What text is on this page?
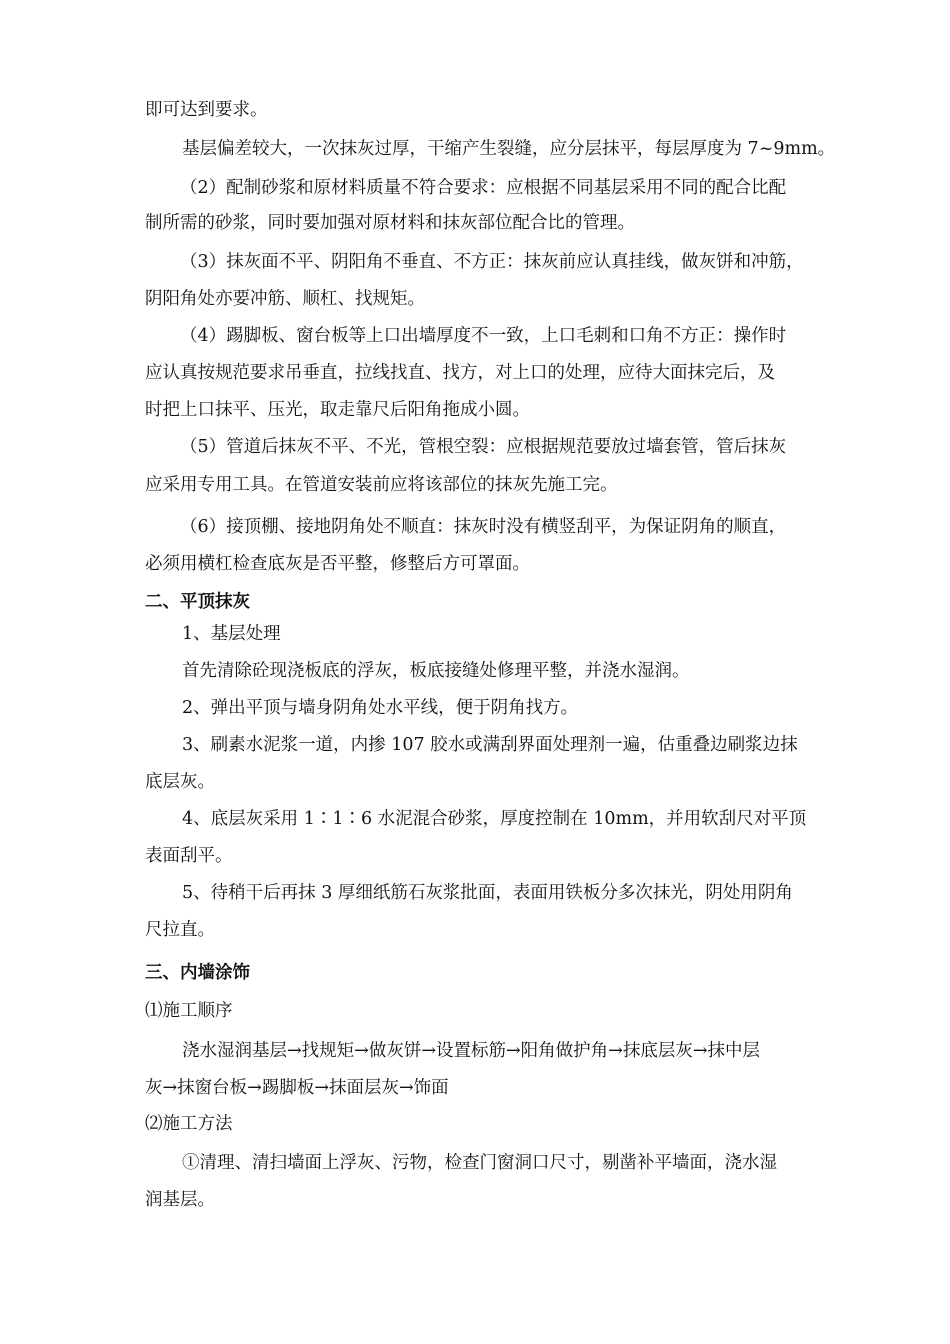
即可达到要求。
基层偏差较大，一次抹灰过厚，干缩产生裂缝，应分层抹平，每层厚度为 7~9mm。
（2）配制砂浆和原材料质量不符合要求：应根据不同基层采用不同的配合比配
制所需的砂浆，同时要加强对原材料和抹灰部位配合比的管理。
（3）抹灰面不平、阴阳角不垂直、不方正：抹灰前应认真挂线，做灰饼和冲筋，
阴阳角处亦要冲筋、顺杠、找规矩。
（4）踢脚板、窗台板等上口出墙厚度不一致，上口毛刺和口角不方正：操作时
应认真按规范要求吊垂直，拉线找直、找方，对上口的处理，应待大面抹完后，及
时把上口抹平、压光，取走靠尺后阳角拖成小圆。
（5）管道后抹灰不平、不光，管根空裂：应根据规范要放过墙套管，管后抹灰
应采用专用工具。在管道安装前应将该部位的抹灰先施工完。
（6）接顶棚、接地阴角处不顺直：抹灰时没有横竖刮平，为保证阴角的顺直，
必须用横杠检查底灰是否平整，修整后方可罩面。
二、平顶抹灰
1、基层处理
首先清除砼现浇板底的浮灰，板底接缝处修理平整，并浇水湿润。
2、弹出平顶与墙身阴角处水平线，便于阴角找方。
3、刷素水泥浆一道，内掺 107 胶水或满刮界面处理剂一遍，估重叠边刷浆边抹
底层灰。
4、底层灰采用 1∶1∶6 水泥混合砂浆，厚度控制在 10mm，并用软刮尺对平顶
表面刮平。
5、待稍干后再抹 3 厚细纸筋石灰浆批面，表面用铁板分多次抹光，阴处用阴角
尺拉直。
三、内墙涂饰
⑴施工顺序
浇水湿润基层→找规矩→做灰饼→设置标筋→阳角做护角→抹底层灰→抹中层
灰→抹窗台板→踢脚板→抹面层灰→饰面
⑵施工方法
①清理、清扫墙面上浮灰、污物，检查门窗洞口尺寸，剔凿补平墙面，浇水湿
润基层。
